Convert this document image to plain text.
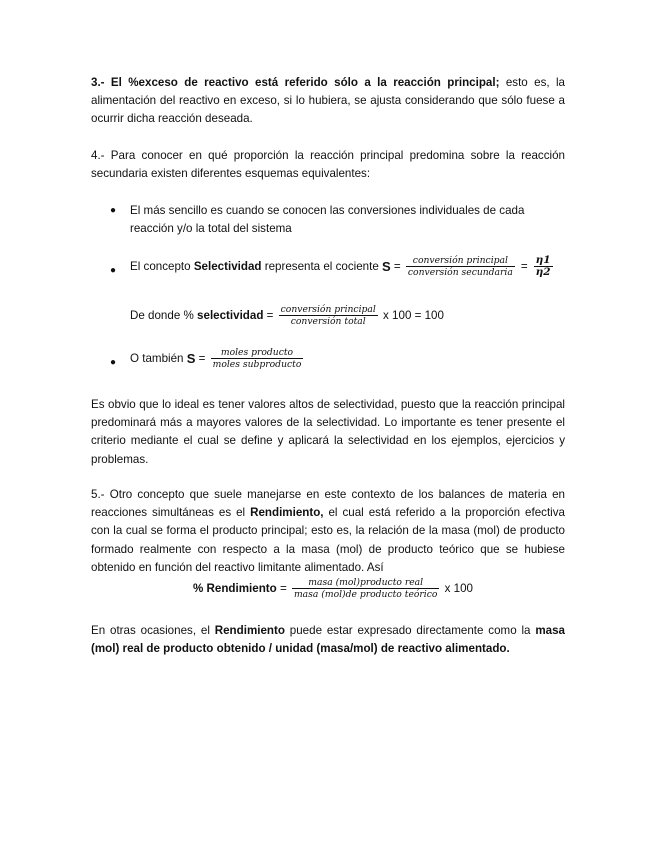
3.- El %exceso de reactivo está referido sólo a la reacción principal; esto es, la alimentación del reactivo en exceso, si lo hubiera, se ajusta considerando que sólo fuese a ocurrir dicha reacción deseada.
4.- Para conocer en qué proporción la reacción principal predomina sobre la reacción secundaria existen diferentes esquemas equivalentes:
● El más sencillo es cuando se conocen las conversiones individuales de cada reacción y/o la total del sistema
● El concepto Selectividad representa el cociente $S = \frac{\text{conversión principal}}{\text{conversión secundaria}} = \frac{\eta 1}{\eta 2}$
De donde % selectividad = $\frac{\text{conversión principal}}{\text{conversión total}}$ x 100 = 100
● O también $S = \frac{\text{moles producto}}{\text{moles subproducto}}$
Es obvio que lo ideal es tener valores altos de selectividad, puesto que la reacción principal predominará más a mayores valores de la selectividad. Lo importante es tener presente el criterio mediante el cual se define y aplicará la selectividad en los ejemplos, ejercicios y problemas.
5.- Otro concepto que suele manejarse en este contexto de los balances de materia en reacciones simultáneas es el Rendimiento, el cual está referido a la proporción efectiva con la cual se forma el producto principal; esto es, la relación de la masa (mol) de producto formado realmente con respecto a la masa (mol) de producto teórico que se hubiese obtenido en función del reactivo limitante alimentado. Así
% Rendimiento = $\frac{\text{masa (mol)producto real}}{\text{masa (mol)de producto teórico}}$ x 100
En otras ocasiones, el Rendimiento puede estar expresado directamente como la masa (mol) real de producto obtenido / unidad (masa/mol) de reactivo alimentado.
